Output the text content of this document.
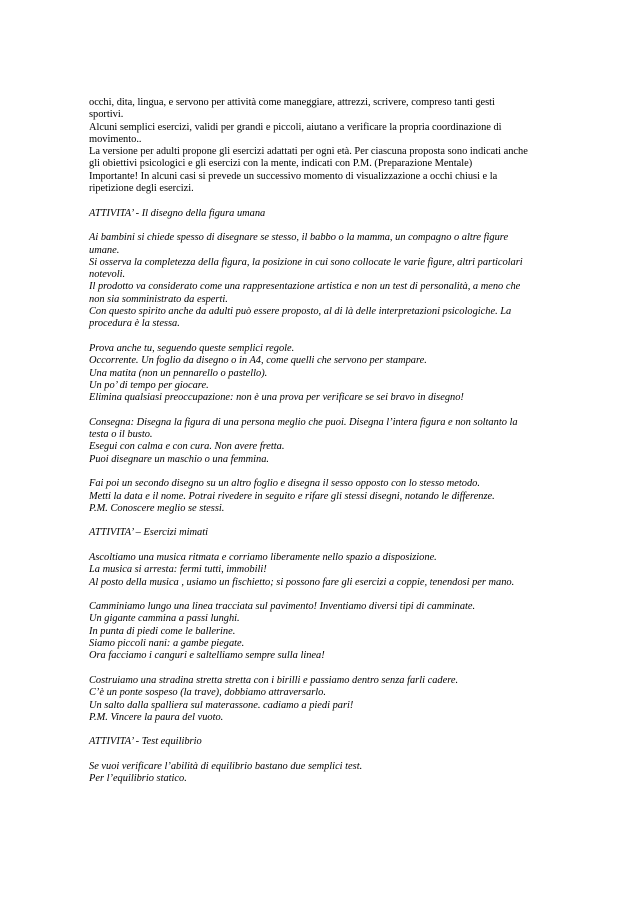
occhi, dita, lingua, e servono per attività come maneggiare, attrezzi, scrivere, compreso tanti gesti
sportivi.
Alcuni semplici esercizi, validi per grandi e piccoli, aiutano a verificare la propria coordinazione di
movimento..
La versione per adulti propone gli esercizi adattati per ogni età. Per ciascuna proposta sono indicati anche
gli obiettivi psicologici e gli esercizi con la mente, indicati con P.M. (Preparazione Mentale)
Importante! In alcuni casi si prevede un successivo momento di visualizzazione a occhi chiusi e la
ripetizione degli esercizi.
ATTIVITA’ - Il disegno della figura umana
Ai bambini si chiede spesso di disegnare se stesso, il babbo o la mamma, un compagno o altre figure
umane.
Si osserva la completezza della figura, la posizione in cui sono collocate le varie figure, altri particolari
notevoli.
Il prodotto va considerato come una rappresentazione artistica e non un test di personalità, a meno che
non sia somministrato da esperti.
Con questo spirito anche da adulti può essere proposto, al di là delle interpretazioni psicologiche. La
procedura è la stessa.
Prova anche tu, seguendo queste semplici regole.
Occorrente. Un foglio da disegno o in A4, come quelli che servono per stampare.
Una matita (non un pennarello o pastello).
Un po’ di tempo per giocare.
Elimina qualsiasi preoccupazione: non è una prova per verificare se sei bravo in disegno!
Consegna: Disegna la figura di una persona meglio che puoi. Disegna l’intera figura e non soltanto la
testa o il busto.
Esegui con calma e con cura. Non avere fretta.
Puoi disegnare un maschio o una femmina.
Fai poi un secondo disegno su un altro foglio e disegna il sesso opposto con lo stesso metodo.
Metti la data e il nome. Potrai rivedere in seguito e rifare gli stessi disegni, notando le differenze.
P.M. Conoscere meglio se stessi.
ATTIVITA’ – Esercizi mimati
Ascoltiamo una musica ritmata e corriamo liberamente nello spazio a disposizione.
La musica si arresta: fermi tutti, immobili!
Al posto della musica , usiamo un fischietto; si possono fare gli esercizi a coppie, tenendosi per mano.
Camminiamo lungo una linea tracciata sul pavimento! Inventiamo diversi tipi di camminate.
Un gigante cammina a passi lunghi.
In punta di piedi come le ballerine.
Siamo piccoli nani: a gambe piegate.
Ora facciamo i canguri e saltelliamo sempre sulla linea!
Costruiamo una stradina stretta stretta con i birilli e passiamo dentro senza farli cadere.
C’è un ponte sospeso (la trave), dobbiamo attraversarlo.
Un salto dalla spalliera sul materassone. cadiamo a piedi pari!
P.M. Vincere la paura del vuoto.
ATTIVITA’ - Test equilibrio
Se vuoi verificare l’abilità di equilibrio bastano due semplici test.
Per l’equilibrio statico.
